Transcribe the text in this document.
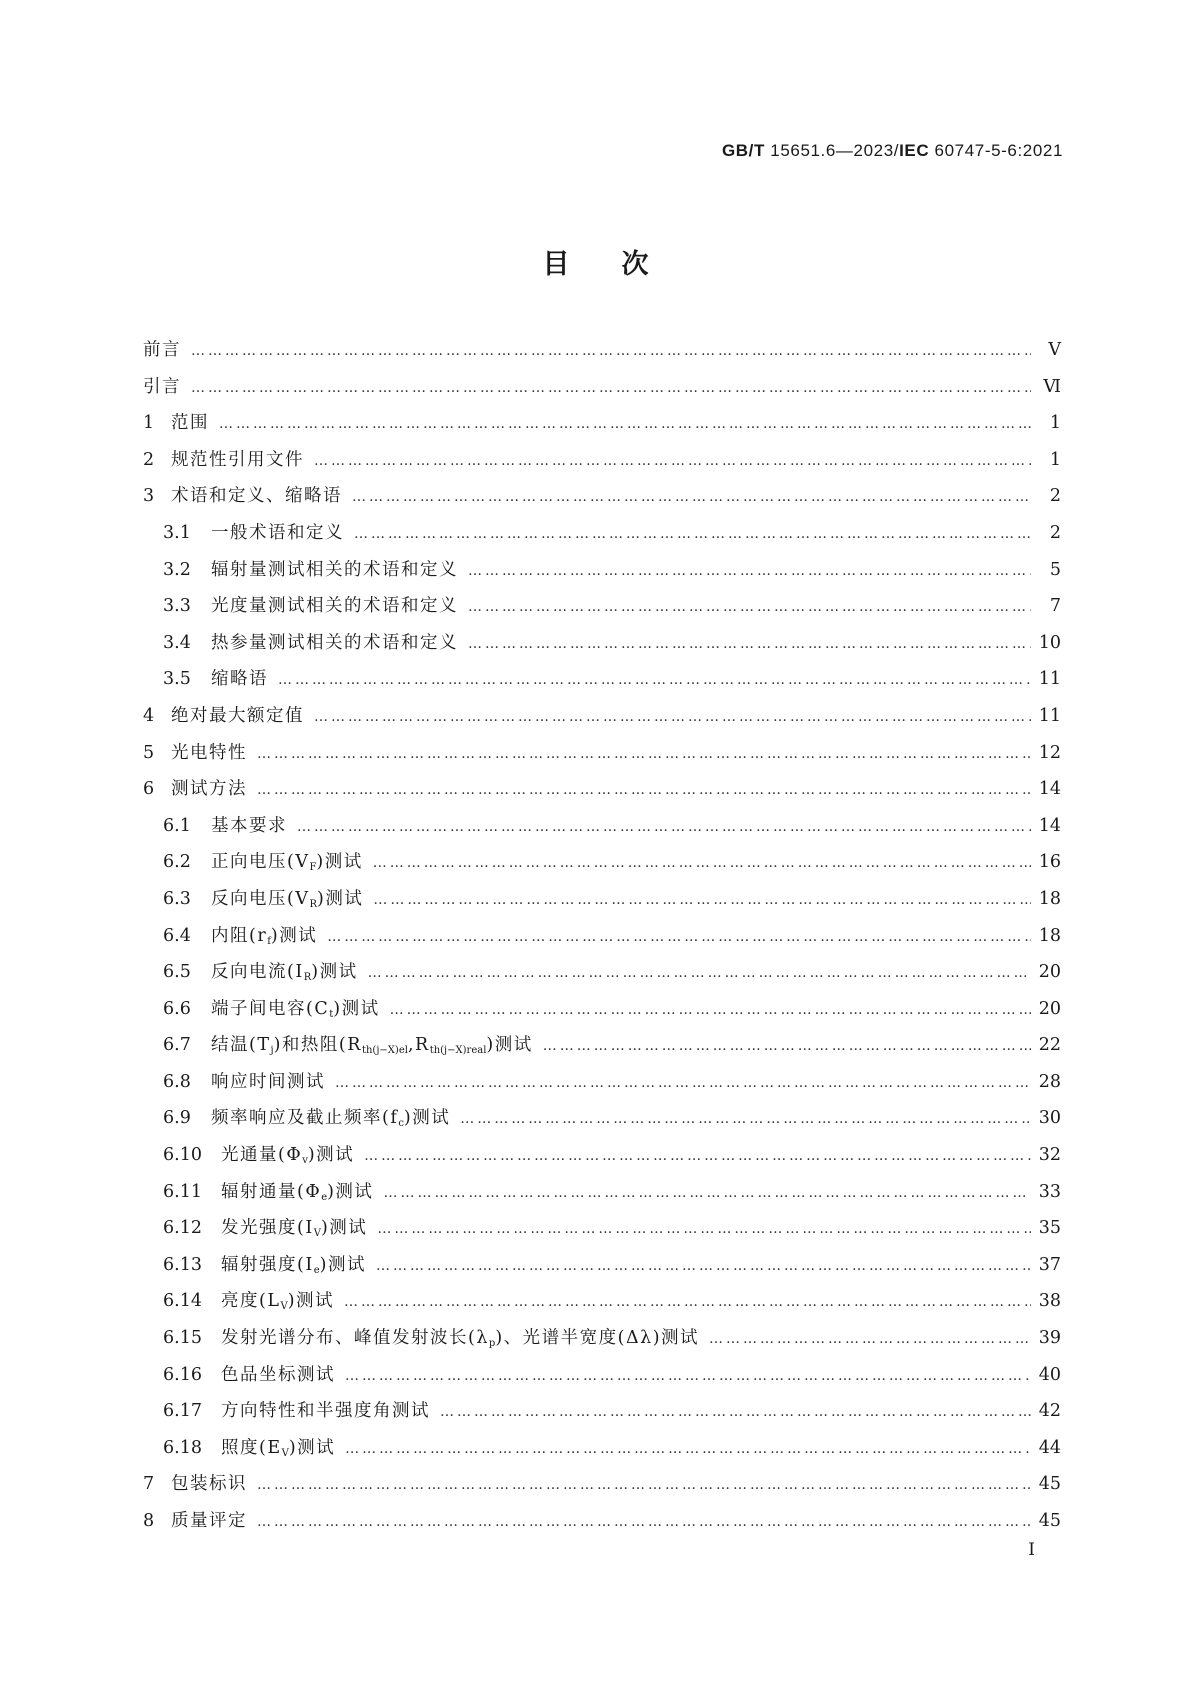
GB/T 15651.6—2023/IEC 60747-5-6:2021
目次
前言 …………………………………………………………………………………………………………………………………………………………………………………………………………………………………………	Ⅴ
引言 …………………………………………………………………………………………………………………………………………………………………………………………………………………………………………	Ⅵ
1 范围 …………………………………………………………………………………………………………………………………………………………………………………………………………………………………………	1
2 规范性引用文件 …………………………………………………………………………………………………………………………………………………………………………………………………………………………………………	1
3 术语和定义、缩略语 …………………………………………………………………………………………………………………………………………………………………………………………………………………………………………	2
3.1	一般术语和定义 …………………………………………………………………………………………………………………………………………………………………………………………………………………………………………	2
3.2	辐射量测试相关的术语和定义 …………………………………………………………………………………………………………………………………………………………………………………………………………………………………………	5
3.3	光度量测试相关的术语和定义 …………………………………………………………………………………………………………………………………………………………………………………………………………………………………………	7
3.4	热参量测试相关的术语和定义 …………………………………………………………………………………………………………………………………………………………………………………………………………………………………………	10
3.5	缩略语 …………………………………………………………………………………………………………………………………………………………………………………………………………………………………………	11
4 绝对最大额定值 …………………………………………………………………………………………………………………………………………………………………………………………………………………………………………	11
5 光电特性 …………………………………………………………………………………………………………………………………………………………………………………………………………………………………………	12
6 测试方法 …………………………………………………………………………………………………………………………………………………………………………………………………………………………………………	14
6.1	基本要求 …………………………………………………………………………………………………………………………………………………………………………………………………………………………………………	14
6.2	正向电压$(V_F)$测试 …………………………………………………………………………………………………………………………………………………………………………………………………………………………………………	16
6.3	反向电压$(V_R)$测试 …………………………………………………………………………………………………………………………………………………………………………………………………………………………………………	18
6.4	内阻$(r_f)$测试 …………………………………………………………………………………………………………………………………………………………………………………………………………………………………………	18
6.5	反向电流$(I_R)$测试 …………………………………………………………………………………………………………………………………………………………………………………………………………………………………………	20
6.6	端子间电容$(C_t)$测试 …………………………………………………………………………………………………………………………………………………………………………………………………………………………………………	20
6.7	结温$(T_j)$和热阻$(R_{th(j-X)el},R_{th(j-X)real})$测试 …………………………………………………………………………………………………………………………………………………………………………………………………………………………………………	22
6.8	响应时间测试 …………………………………………………………………………………………………………………………………………………………………………………………………………………………………………	28
6.9	频率响应及截止频率$(f_c)$测试 …………………………………………………………………………………………………………………………………………………………………………………………………………………………………………	30
6.10	光通量$(\Phi_v)$测试 …………………………………………………………………………………………………………………………………………………………………………………………………………………………………………	32
6.11	辐射通量$(\Phi_e)$测试 …………………………………………………………………………………………………………………………………………………………………………………………………………………………………………	33
6.12	发光强度$(I_V)$测试 …………………………………………………………………………………………………………………………………………………………………………………………………………………………………………	35
6.13	辐射强度$(I_e)$测试 …………………………………………………………………………………………………………………………………………………………………………………………………………………………………………	37
6.14	亮度$(L_V)$测试 …………………………………………………………………………………………………………………………………………………………………………………………………………………………………………	38
6.15	发射光谱分布、峰值发射波长$(\lambda_p)$、光谱半宽度(Δλ)测试 …………………………………………………………………………………………………………………………………………………………………………………………………………………………………………	39
6.16	色品坐标测试 …………………………………………………………………………………………………………………………………………………………………………………………………………………………………………	40
6.17	方向特性和半强度角测试 …………………………………………………………………………………………………………………………………………………………………………………………………………………………………………	42
6.18	照度$(E_V)$测试 …………………………………………………………………………………………………………………………………………………………………………………………………………………………………………	44
7 包装标识 …………………………………………………………………………………………………………………………………………………………………………………………………………………………………………	45
8 质量评定 …………………………………………………………………………………………………………………………………………………………………………………………………………………………………………	45
Ⅰ
